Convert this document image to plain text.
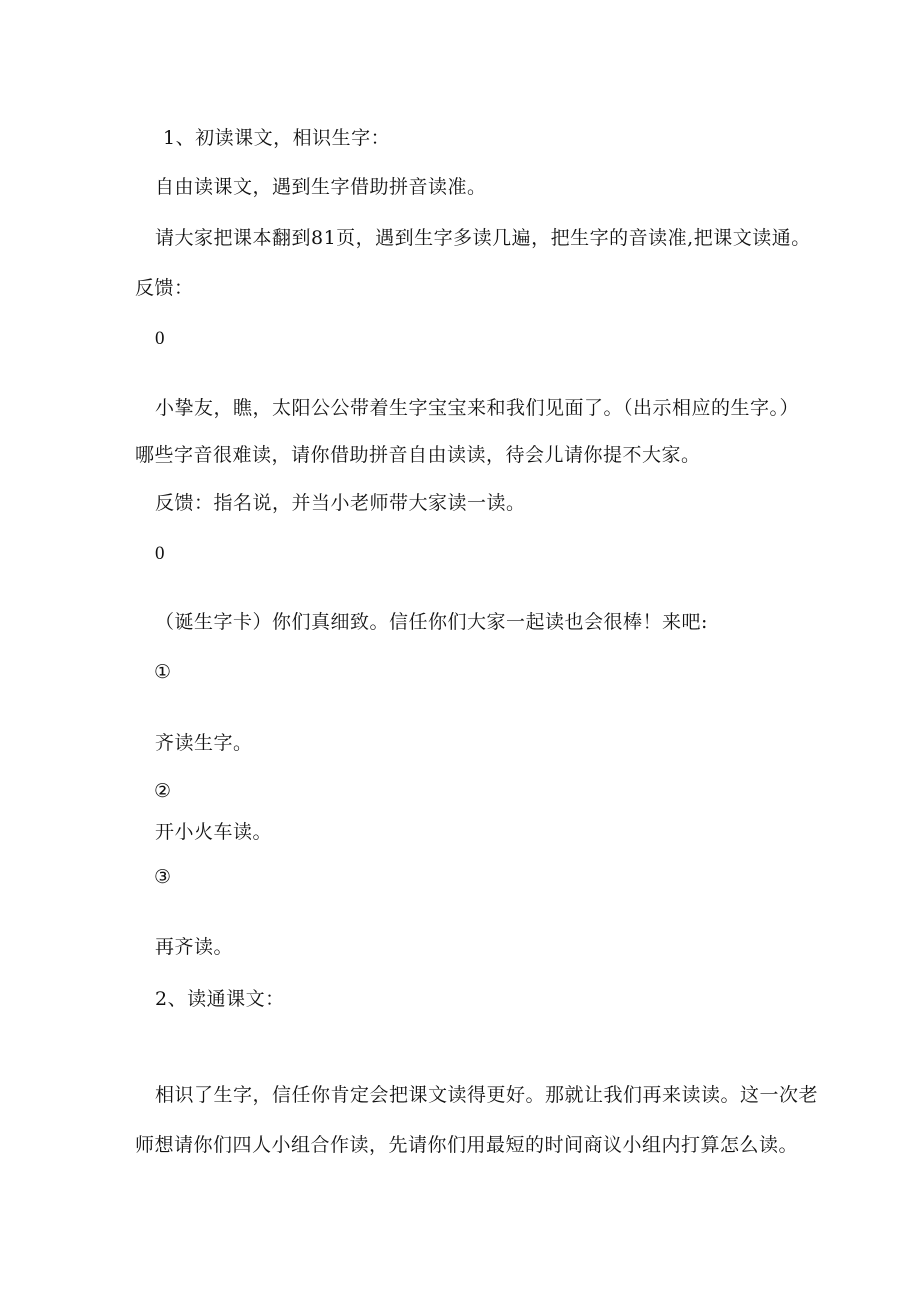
1、初读课文，相识生字：
自由读课文，遇到生字借助拼音读准。
请大家把课本翻到81页，遇到生字多读几遍，把生字的音读准,把课文读通。
反馈：
0
小挚友，瞧，太阳公公带着生字宝宝来和我们见面了。（出示相应的生字。）
哪些字音很难读，请你借助拼音自由读读，待会儿请你提不大家。
反馈：指名说，并当小老师带大家读一读。
0
（诞生字卡）你们真细致。信任你们大家一起读也会很棒！来吧:
①
齐读生字。
②
开小火车读。
③
再齐读。
2、读通课文：
相识了生字，信任你肯定会把课文读得更好。那就让我们再来读读。这一次老
师想请你们四人小组合作读，先请你们用最短的时间商议小组内打算怎么读。
